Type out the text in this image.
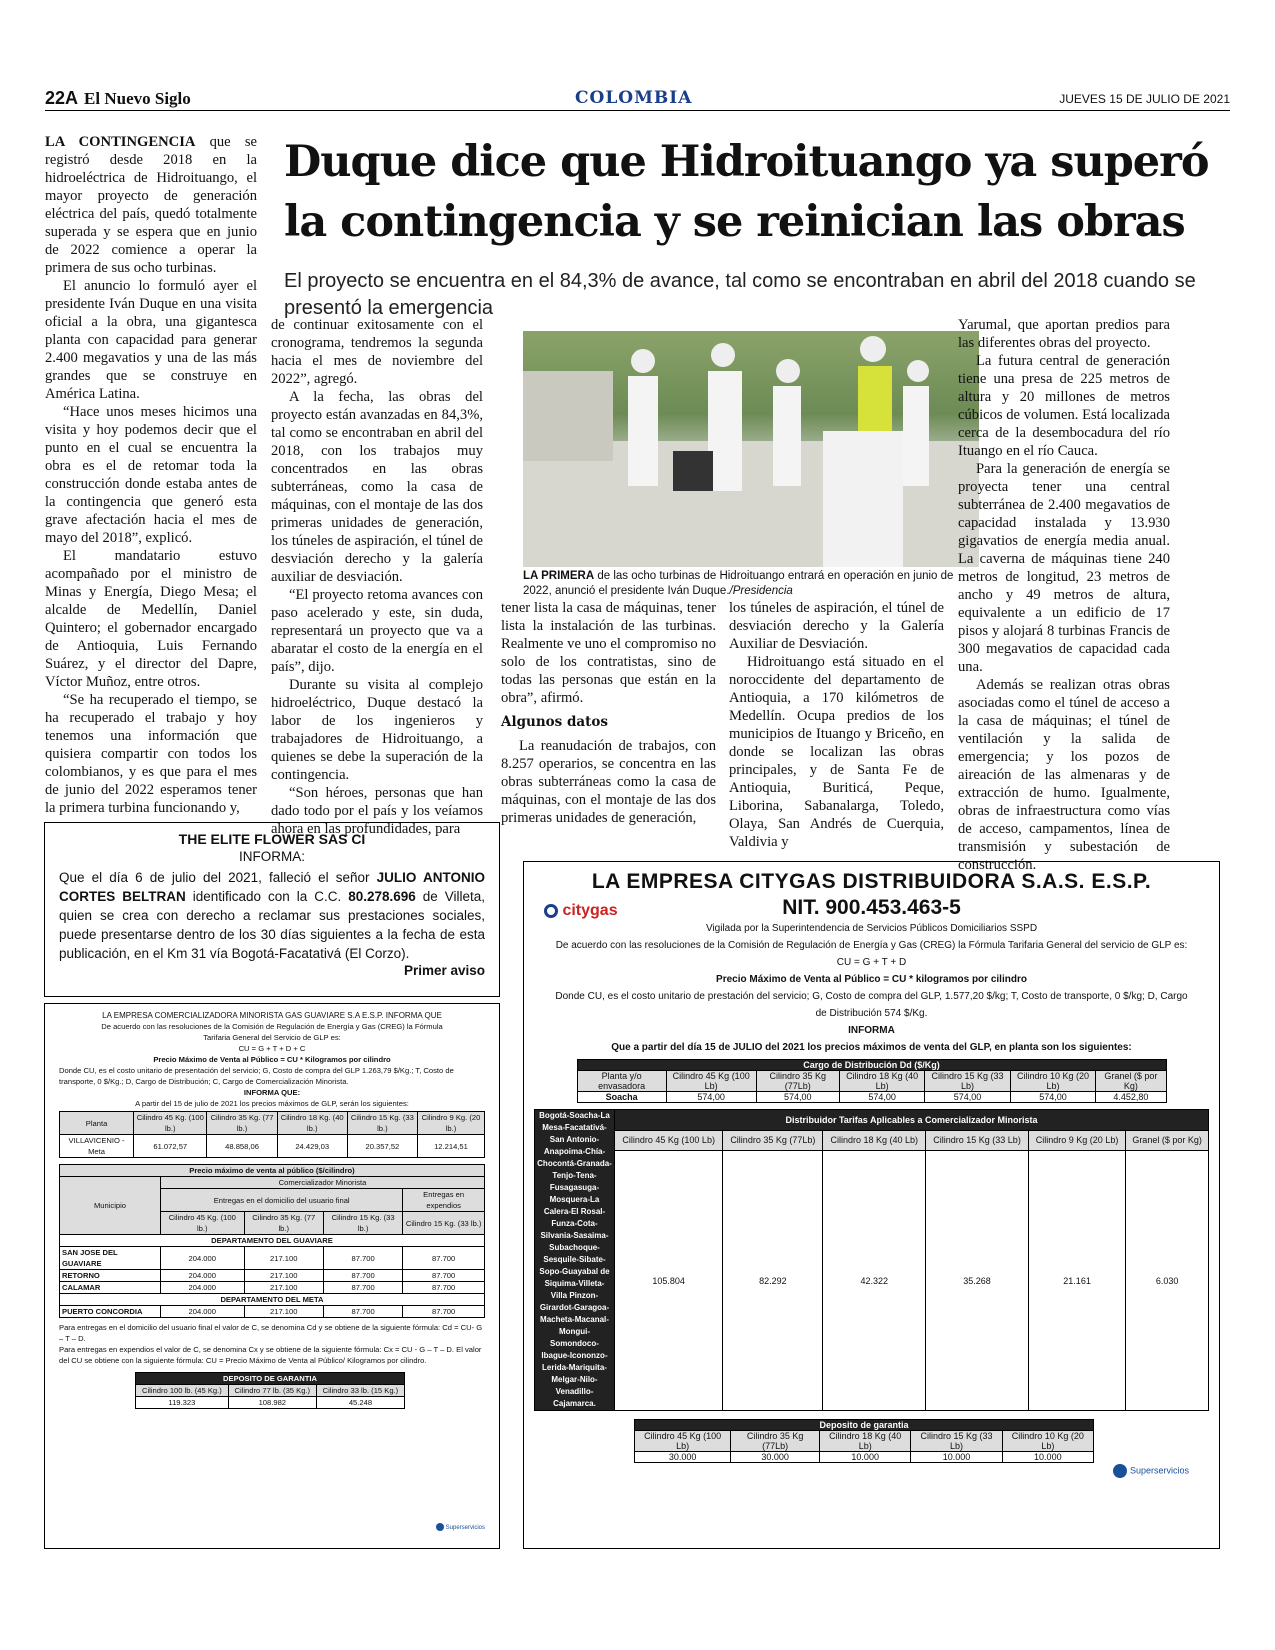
22A El Nuevo Siglo	COLOMBIA	JUEVES 15 DE JULIO DE 2021
Duque dice que Hidroituango ya superó la contingencia y se reinician las obras
El proyecto se encuentra en el 84,3% de avance, tal como se encontraban en abril del 2018 cuando se presentó la emergencia

LA CONTINGENCIA que se registró desde 2018 en la hidroeléctrica de Hidroituango, el mayor proyecto de generación eléctrica del país, quedó totalmente superada y se espera que en junio de 2022 comience a operar la primera de sus ocho turbinas.

El anuncio lo formuló ayer el presidente Iván Duque en una visita oficial a la obra, una gigantesca planta con capacidad para generar 2.400 megavatios y una de las más grandes que se construye en América Latina.

“Hace unos meses hicimos una visita y hoy podemos decir que el punto en el cual se encuentra la obra es el de retomar toda la construcción donde estaba antes de la contingencia que generó esta grave afectación hacia el mes de mayo del 2018”, explicó.

El mandatario estuvo acompañado por el ministro de Minas y Energía, Diego Mesa; el alcalde de Medellín, Daniel Quintero; el gobernador encargado de Antioquia, Luis Fernando Suárez, y el director del Dapre, Víctor Muñoz, entre otros.

“Se ha recuperado el tiempo, se ha recuperado el trabajo y hoy tenemos una información que quisiera compartir con todos los colombianos, y es que para el mes de junio del 2022 esperamos tener la primera turbina funcionando y,

de continuar exitosamente con el cronograma, tendremos la segunda hacia el mes de noviembre del 2022”, agregó.

A la fecha, las obras del proyecto están avanzadas en 84,3%, tal como se encontraban en abril del 2018, con los trabajos muy concentrados en las obras subterráneas, como la casa de máquinas, con el montaje de las dos primeras unidades de generación, los túneles de aspiración, el túnel de desviación derecho y la galería auxiliar de desviación.

“El proyecto retoma avances con paso acelerado y este, sin duda, representará un proyecto que va a abaratar el costo de la energía en el país”, dijo.

Durante su visita al complejo hidroeléctrico, Duque destacó la labor de los ingenieros y trabajadores de Hidroituango, a quienes se debe la superación de la contingencia.

“Son héroes, personas que han dado todo por el país y los veíamos ahora en las profundidades, para

LA PRIMERA de las ocho turbinas de Hidroituango entrará en operación en junio de 2022, anunció el presidente Iván Duque./Presidencia

tener lista la casa de máquinas, tener lista la instalación de las turbinas. Realmente ve uno el compromiso no solo de los contratistas, sino de todas las personas que están en la obra”, afirmó.

Algunos datos

La reanudación de trabajos, con 8.257 operarios, se concentra en las obras subterráneas como la casa de máquinas, con el montaje de las dos primeras unidades de generación,

los túneles de aspiración, el túnel de desviación derecho y la Galería Auxiliar de Desviación.

Hidroituango está situado en el noroccidente del departamento de Antioquia, a 170 kilómetros de Medellín. Ocupa predios de los municipios de Ituango y Briceño, en donde se localizan las obras principales, y de Santa Fe de Antioquia, Buriticá, Peque, Liborina, Sabanalarga, Toledo, Olaya, San Andrés de Cuerquia, Valdivia y

Yarumal, que aportan predios para las diferentes obras del proyecto.

La futura central de generación tiene una presa de 225 metros de altura y 20 millones de metros cúbicos de volumen. Está localizada cerca de la desembocadura del río Ituango en el río Cauca.

Para la generación de energía se proyecta tener una central subterránea de 2.400 megavatios de capacidad instalada y 13.930 gigavatios de energía media anual. La caverna de máquinas tiene 240 metros de longitud, 23 metros de ancho y 49 metros de altura, equivalente a un edificio de 17 pisos y alojará 8 turbinas Francis de 300 megavatios de capacidad cada una.

Además se realizan otras obras asociadas como el túnel de acceso a la casa de máquinas; el túnel de ventilación y la salida de emergencia; y los pozos de aireación de las almenaras y de extracción de humo. Igualmente, obras de infraestructura como vías de acceso, campamentos, línea de transmisión y subestación de construcción.

THE ELITE FLOWER SAS CI
INFORMA:
Que el día 6 de julio del 2021, falleció el señor JULIO ANTONIO CORTES BELTRAN identificado con la C.C. 80.278.696 de Villeta, quien se crea con derecho a reclamar sus prestaciones sociales, puede presentarse dentro de los 30 días siguientes a la fecha de esta publicación, en el Km 31 vía Bogotá-Facatativá (El Corzo).
Primer aviso
LA EMPRESA COMERCIALIZADORA MINORISTA GAS GUAVIARE S.A E.S.P. INFORMA QUE
De acuerdo con las resoluciones de la Comisión de Regulación de Energía y Gas (CREG) la Fórmula Tarifaria General del Servicio de GLP es:
CU = G + T + D + C
Precio Máximo de Venta al Público = CU * Kilogramos por cilindro
Donde CU, es el costo unitario de presentación del servicio; G, Costo de compra del GLP 1.263,79 $/Kg.; T, Costo de transporte, 0 $/Kg.; D, Cargo de Distribución; C, Cargo de Comercialización Minorista.
INFORMA QUE:
A partir del 15 de julio de 2021 los precios máximos de GLP, serán los siguientes:
Planta	Cilindro 45 Kg. (100 lb.)	Cilindro 35 Kg. (77 lb.)	Cilindro 18 Kg. (40 lb.)	Cilindro 15 Kg. (33 lb.)	Cilindro 9 Kg. (20 lb.)
VILLAVICENIO - Meta	61.072,57	48.858,06	24.429,03	20.357,52	12.214,51
Precio máximo de venta al público ($/cilindro)				
Municipio	Comercializador Minorista			
	Entregas en el domicilio del usuario final			Entregas en expendios
	Cilindro 45 Kg. (100 lb.)	Cilindro 35 Kg. (77 lb.)	Cilindro 15 Kg. (33 lb.)	Cilindro 15 Kg. (33 lb.)
DEPARTAMENTO DEL GUAVIARE				
SAN JOSE DEL GUAVIARE	204.000	217.100	87.700	87.700
RETORNO	204.000	217.100	87.700	87.700
CALAMAR	204.000	217.100	87.700	87.700
DEPARTAMENTO DEL META				
PUERTO CONCORDIA	204.000	217.100	87.700	87.700
Para entregas en el domicilio del usuario final el valor de C, se denomina Cd y se obtiene de la siguiente fórmula: Cd = CU- G – T – D.
Para entregas en expendios el valor de C, se denomina Cx y se obtiene de la siguiente fórmula: Cx = CU - G – T – D. El valor del CU se obtiene con la siguiente fórmula: CU = Precio Máximo de Venta al Público/ Kilogramos por cilindro.
DEPOSITO DE GARANTIA		
Cilindro 100 lb. (45 Kg.)	Cilindro 77 lb. (35 Kg.)	Cilindro 33 lb. (15 Kg.)
119.323	108.982	45.248
Superservicios
LA EMPRESA CITYGAS DISTRIBUIDORA S.A.S. E.S.P.
citygas	NIT. 900.453.463-5
Vigilada por la Superintendencia de Servicios Públicos Domiciliarios SSPD
De acuerdo con las resoluciones de la Comisión de Regulación de Energía y Gas (CREG) la Fórmula Tarifaria General del servicio de GLP es:
CU = G + T + D
Precio Máximo de Venta al Público = CU * kilogramos por cilindro
Donde CU, es el costo unitario de prestación del servicio; G, Costo de compra del GLP, 1.577,20 $/kg; T, Costo de transporte, 0 $/kg; D, Cargo de Distribución 574 $/Kg.
INFORMA
Que a partir del día 15 de JULIO del 2021 los precios máximos de venta del GLP, en planta son los siguientes:
Cargo de Distribución Dd ($/Kg)						
Planta y/o envasadora	Cilindro 45 Kg (100 Lb)	Cilindro 35 Kg (77Lb)	Cilindro 18 Kg (40 Lb)	Cilindro 15 Kg (33 Lb)	Cilindro 10 Kg (20 Lb)	Granel ($ por Kg)
Soacha	574,00	574,00	574,00	574,00	574,00	4.452,80
Bogotá-Soacha-La Mesa-Facatativá-San Antonio-Anapoima-Chía-Chocontá-Granada-Tenjo-Tena-Fusagasuga-Mosquera-La Calera-El Rosal-Funza-Cota-Silvania-Sasaima-Subachoque-Sesquile-Sibate-Sopo-Guayabal de Siquima-Villeta-Villa Pinzon-Girardot-Garagoa-Macheta-Macanal-Mongui-Somondoco-Ibague-Icononzo-Lerida-Mariquita-Melgar-Nilo-Venadillo-Cajamarca.	Distribuidor Tarifas Aplicables a Comercializador Minorista					
	Cilindro 45 Kg (100 Lb)	Cilindro 35 Kg (77Lb)	Cilindro 18 Kg (40 Lb)	Cilindro 15 Kg (33 Lb)	Cilindro 9 Kg (20 Lb)	Granel ($ por Kg)
	105.804	82.292	42.322	35.268	21.161	6.030
Deposito de garantia				
Cilindro 45 Kg (100 Lb)	Cilindro 35 Kg (77Lb)	Cilindro 18 Kg (40 Lb)	Cilindro 15 Kg (33 Lb)	Cilindro 10 Kg (20 Lb)
30.000	30.000	10.000	10.000	10.000
Superservicios
